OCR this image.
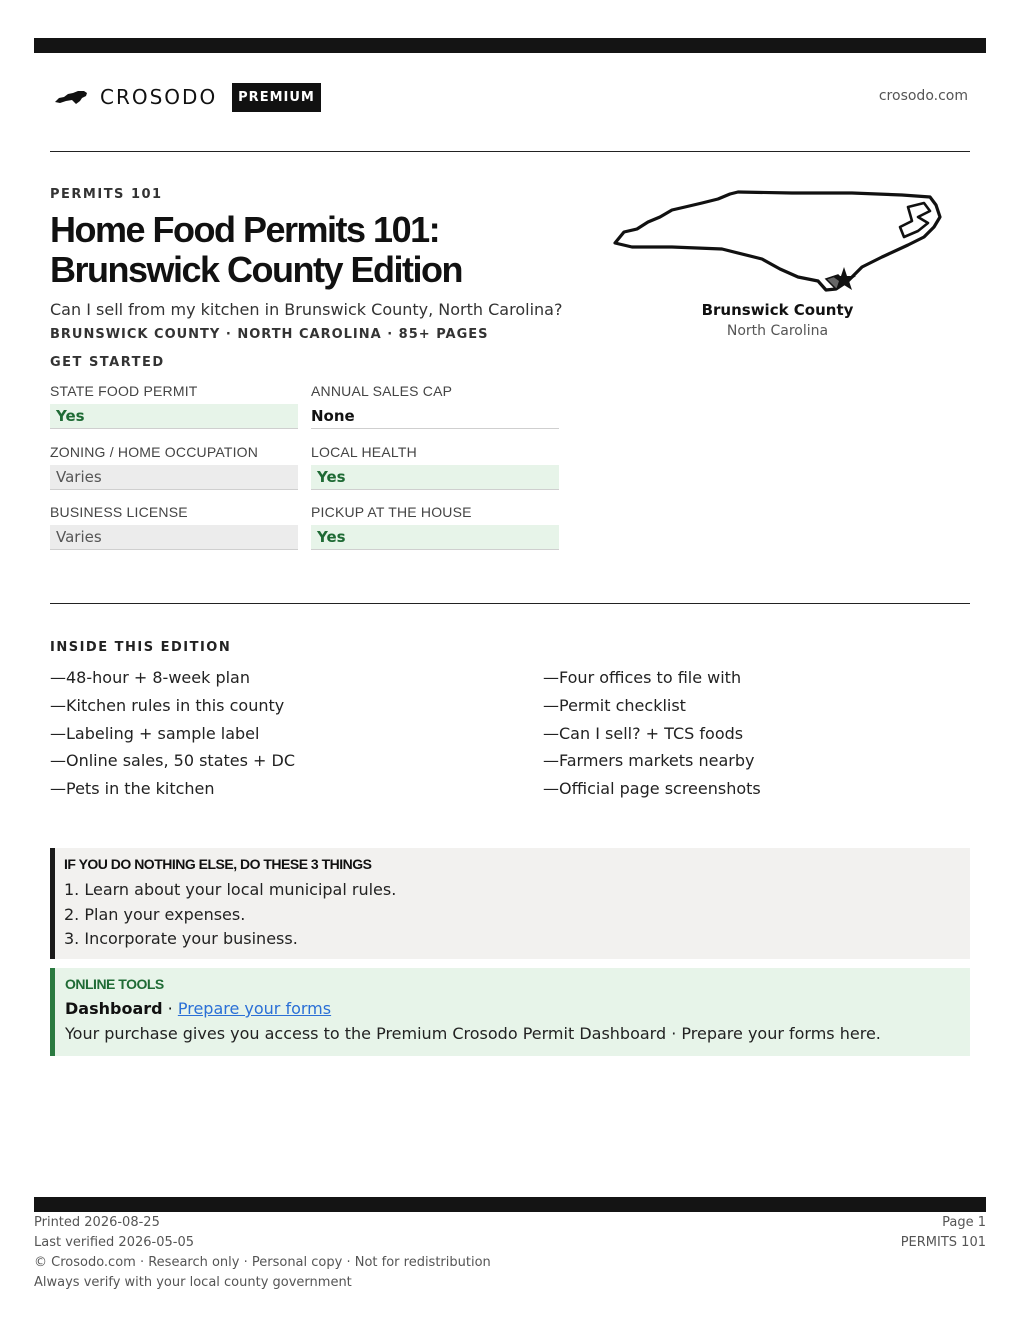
CROSODO	PREMIUM	crosodo.com
PERMITS 101
Home Food Permits 101:
Brunswick County Edition
Can I sell from my kitchen in Brunswick County, North Carolina?
BRUNSWICK COUNTY · NORTH CAROLINA · 85+ PAGES
Brunswick County
North Carolina
GET STARTED
STATE FOOD PERMIT
Yes
ANNUAL SALES CAP
None
ZONING / HOME OCCUPATION
Varies
LOCAL HEALTH
Yes
BUSINESS LICENSE
Varies
PICKUP AT THE HOUSE
Yes
INSIDE THIS EDITION
—48-hour + 8-week plan
—Kitchen rules in this county
—Labeling + sample label
—Online sales, 50 states + DC
—Pets in the kitchen
—Four offices to file with
—Permit checklist
—Can I sell? + TCS foods
—Farmers markets nearby
—Official page screenshots
IF YOU DO NOTHING ELSE, DO THESE 3 THINGS
1. Learn about your local municipal rules.
2. Plan your expenses.
3. Incorporate your business.
ONLINE TOOLS
Dashboard · Prepare your forms
Your purchase gives you access to the Premium Crosodo Permit Dashboard · Prepare your forms here.
Printed 2026-08-25
Last verified 2026-05-05
© Crosodo.com · Research only · Personal copy · Not for redistribution
Always verify with your local county government
Page 1
PERMITS 101
